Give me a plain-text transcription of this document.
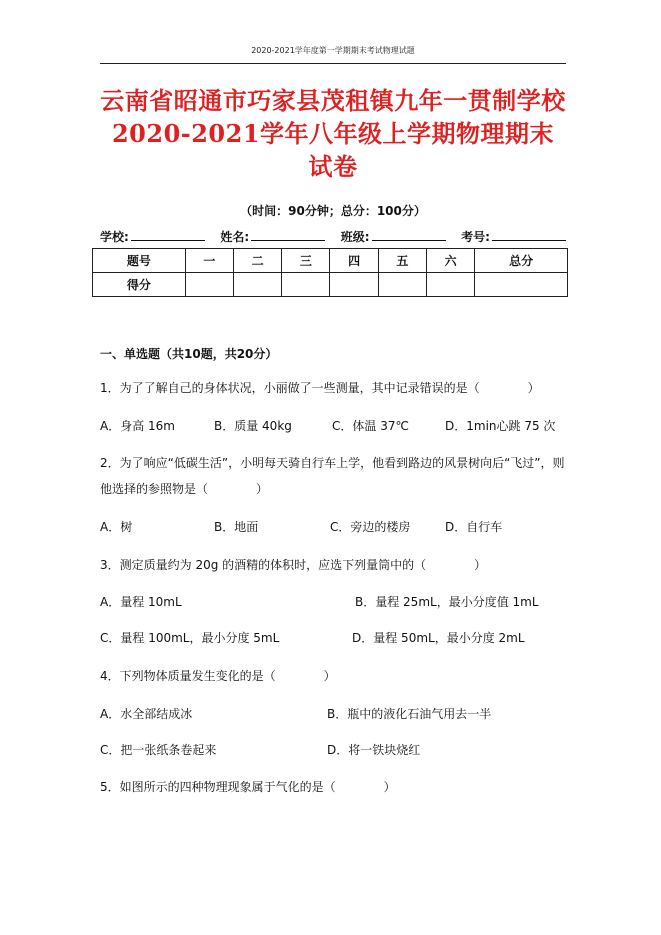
2020-2021学年度第一学期期末考试物理试题
云南省昭通市巧家县茂租镇九年一贯制学校2020-2021学年八年级上学期物理期末试卷
（时间：90分钟；总分：100分）
学校:	姓名:	班级:	考号:
题号	一	二	三	四	五	六	总分
得分							
一、单选题（共10题，共20分）
1．为了了解自己的身体状况，小丽做了一些测量，其中记录错误的是（　　　　）
A．身高 16m	B．质量 40kg	C．体温 37℃	D．1min心跳 75 次
2．为了响应“低碳生活”，小明每天骑自行车上学，他看到路边的风景树向后“飞过”，则他选择的参照物是（　　　　）
A．树	B．地面	C．旁边的楼房	D．自行车
3．测定质量约为 20g 的酒精的体积时，应选下列量筒中的（　　　　）
A．量程 10mL	B．量程 25mL，最小分度值 1mL
C．量程 100mL，最小分度 5mL	D．量程 50mL，最小分度 2mL
4．下列物体质量发生变化的是（　　　　）
A．水全部结成冰	B．瓶中的液化石油气用去一半
C．把一张纸条卷起来	D．将一铁块烧红
5．如图所示的四种物理现象属于气化的是（　　　　）
